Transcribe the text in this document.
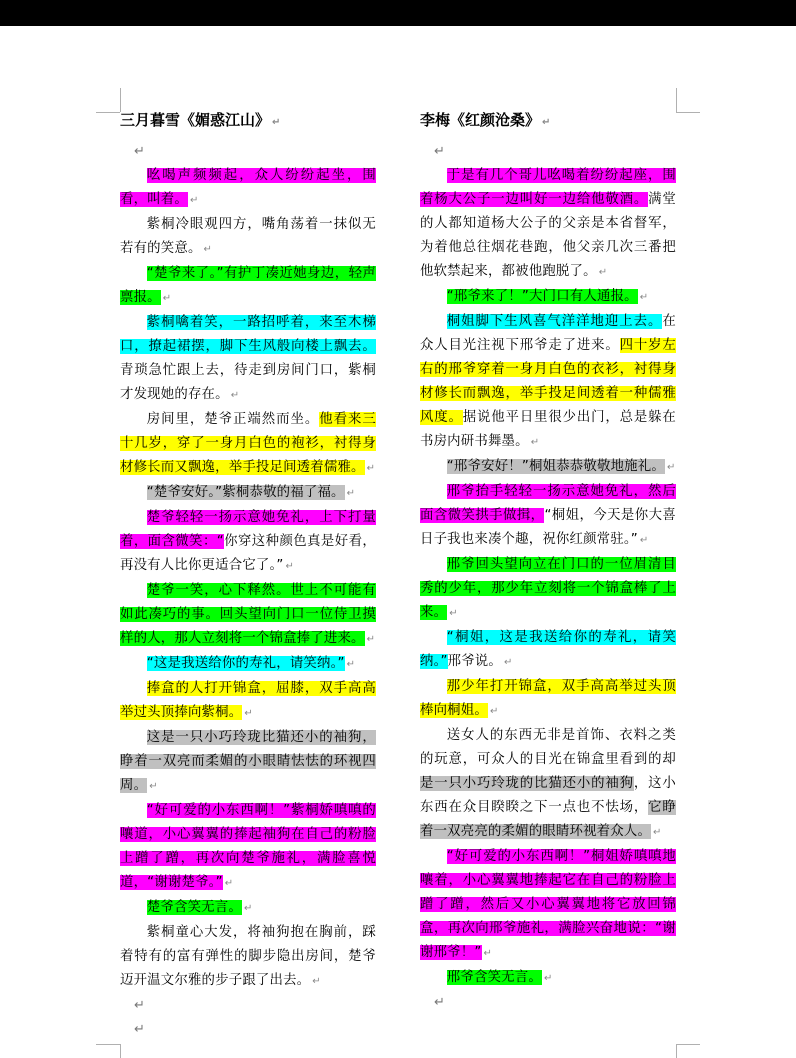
三月暮雪《媚惑江山》 ↵
↵

吆喝声频频起，众人纷纷起坐，围看，叫着。 ↵

紫桐冷眼观四方，嘴角荡着一抹似无若有的笑意。 ↵

“楚爷来了。”有护丁凑近她身边，轻声禀报。 ↵

紫桐噙着笑，一路招呼着，来至木梯口，撩起裙摆，脚下生风般向楼上飘去。青琐急忙跟上去，待走到房间门口，紫桐才发现她的存在。 ↵

房间里，楚爷正端然而坐。他看来三十几岁，穿了一身月白色的袍衫，衬得身材修长而又飘逸，举手投足间透着儒雅。 ↵

“楚爷安好。”紫桐恭敬的福了福。 ↵

楚爷轻轻一扬示意她免礼，上下打量着，面含微笑：“你穿这种颜色真是好看，再没有人比你更适合它了。” ↵

楚爷一笑，心下释然。世上不可能有如此凑巧的事。回头望向门口一位侍卫摸样的人，那人立刻将一个锦盒捧了进来。 ↵

“这是我送给你的寿礼，请笑纳。” ↵

捧盒的人打开锦盒，屈膝，双手高高举过头顶捧向紫桐。 ↵

这是一只小巧玲珑比猫还小的袖狗，睁着一双亮而柔媚的小眼睛怯怯的环视四周。 ↵

“好可爱的小东西啊！”紫桐娇嗔嗔的嚷道，小心翼翼的捧起袖狗在自己的粉脸上蹭了蹭，再次向楚爷施礼，满脸喜悦道，“谢谢楚爷。” ↵

楚爷含笑无言。 ↵

紫桐童心大发，将袖狗抱在胸前，踩着特有的富有弹性的脚步隐出房间，楚爷迈开温文尔雅的步子跟了出去。 ↵

↵
↵
李梅《红颜沧桑》 ↵
↵

于是有几个哥儿吆喝着纷纷起座，围着杨大公子一边叫好一边给他敬酒。满堂的人都知道杨大公子的父亲是本省督军，为着他总往烟花巷跑，他父亲几次三番把他软禁起来，都被他跑脱了。 ↵

“邢爷来了！”大门口有人通报。 ↵

桐姐脚下生风喜气洋洋地迎上去。在众人目光注视下邢爷走了进来。四十岁左右的邢爷穿着一身月白色的衣衫，衬得身材修长而飘逸，举手投足间透着一种儒雅风度。据说他平日里很少出门，总是躲在书房内研书舞墨。 ↵

“邢爷安好！”桐姐恭恭敬敬地施礼。 ↵

邢爷抬手轻轻一扬示意她免礼，然后面含微笑拱手做揖，“桐姐，今天是你大喜日子我也来凑个趣，祝你红颜常驻。” ↵

邢爷回头望向立在门口的一位眉清目秀的少年，那少年立刻将一个锦盒棒了上来。 ↵

“桐姐，这是我送给你的寿礼，请笑纳。”邢爷说。 ↵

那少年打开锦盒，双手高高举过头顶棒向桐姐。 ↵

送女人的东西无非是首饰、衣料之类的玩意，可众人的目光在锦盒里看到的却是一只小巧玲珑的比猫还小的袖狗，这小东西在众目睽睽之下一点也不怯场，它睁着一双亮亮的柔媚的眼睛环视着众人。 ↵

“好可爱的小东西啊！”桐姐娇嗔嗔地嚷着，小心翼翼地捧起它在自己的粉脸上蹭了蹭，然后又小心翼翼地将它放回锦盒，再次向邢爷施礼，满脸兴奋地说：“谢谢邢爷！” ↵

邢爷含笑无言。 ↵

↵
